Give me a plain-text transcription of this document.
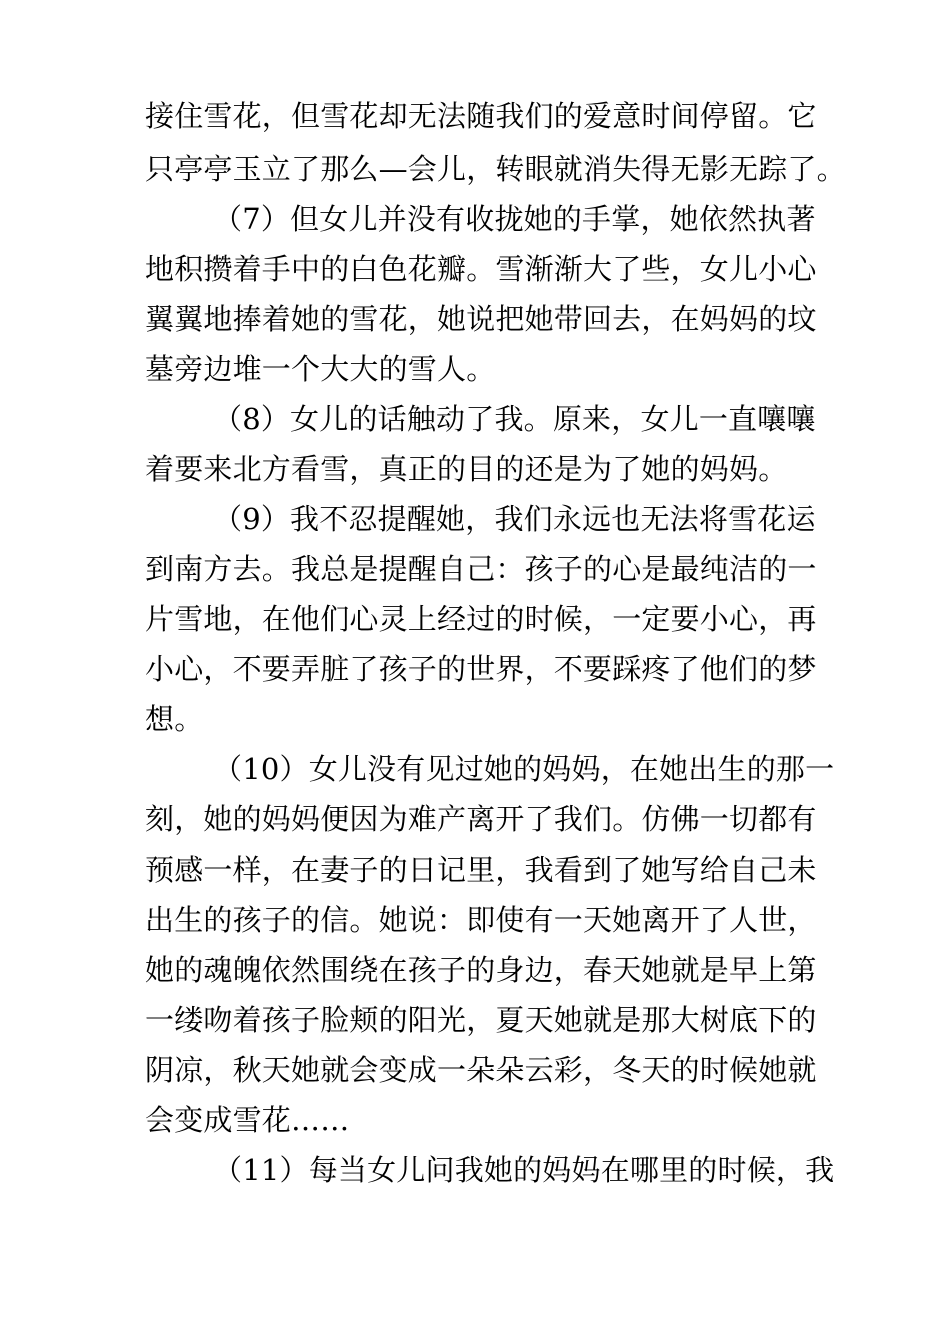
接住雪花，但雪花却无法随我们的爱意时间停留。它
只亭亭玉立了那么—会儿，转眼就消失得无影无踪了。
（7）但女儿并没有收拢她的手掌，她依然执著
地积攒着手中的白色花瓣。雪渐渐大了些，女儿小心
翼翼地捧着她的雪花，她说把她带回去，在妈妈的坟
墓旁边堆一个大大的雪人。
（8）女儿的话触动了我。原来，女儿一直嚷嚷
着要来北方看雪，真正的目的还是为了她的妈妈。
（9）我不忍提醒她，我们永远也无法将雪花运
到南方去。我总是提醒自己：孩子的心是最纯洁的一
片雪地，在他们心灵上经过的时候，一定要小心，再
小心，不要弄脏了孩子的世界，不要踩疼了他们的梦
想。
（10）女儿没有见过她的妈妈，在她出生的那一
刻，她的妈妈便因为难产离开了我们。仿佛一切都有
预感一样，在妻子的日记里，我看到了她写给自己未
出生的孩子的信。她说：即使有一天她离开了人世，
她的魂魄依然围绕在孩子的身边，春天她就是早上第
一缕吻着孩子脸颊的阳光，夏天她就是那大树底下的
阴凉，秋天她就会变成一朵朵云彩，冬天的时候她就
会变成雪花……
（11）每当女儿问我她的妈妈在哪里的时候，我
